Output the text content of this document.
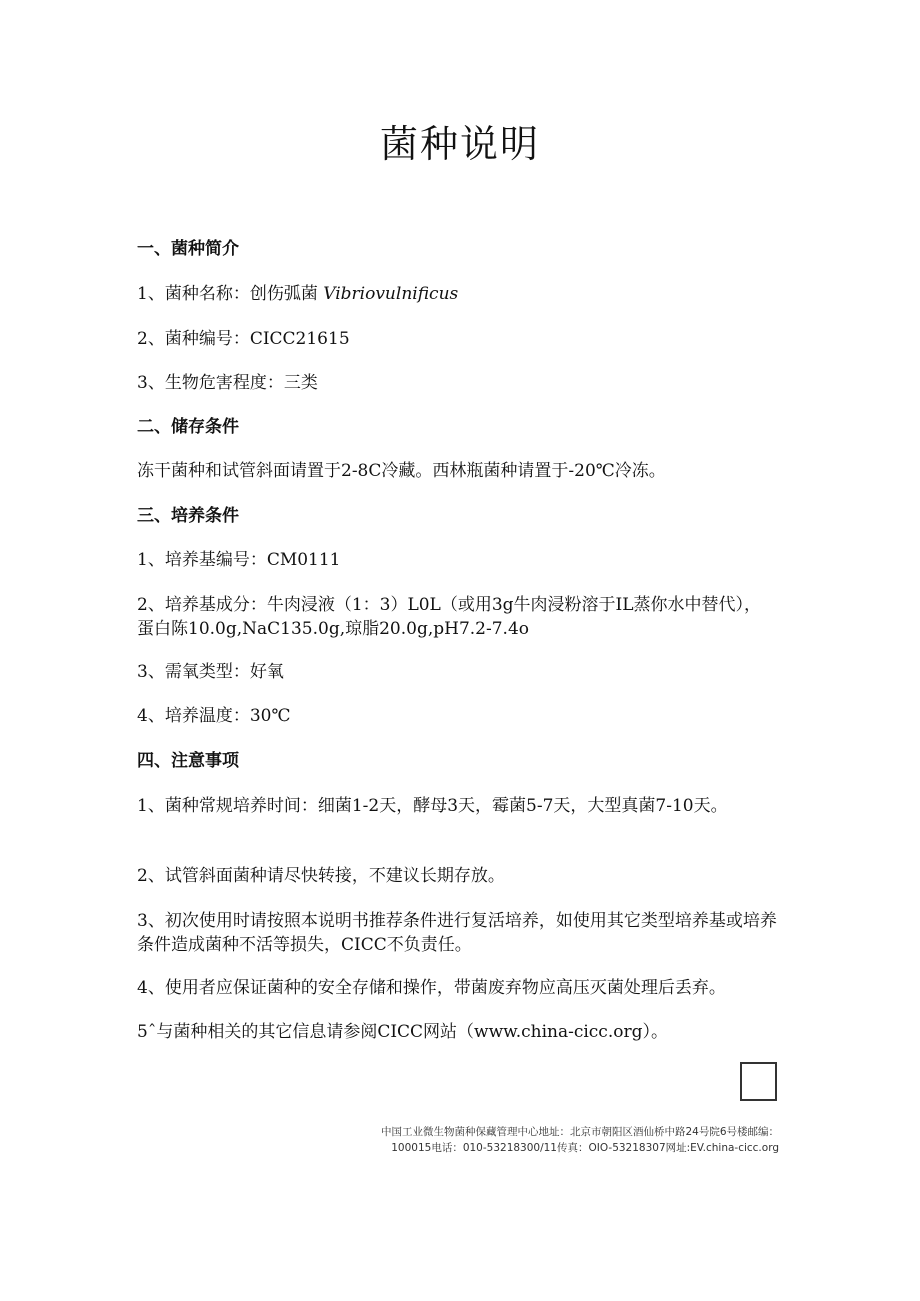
菌种说明
一、菌种简介
1、菌种名称：创伤弧菌 Vibriovulnificus
2、菌种编号：CICC21615
3、生物危害程度：三类
二、储存条件
冻干菌种和试管斜面请置于2-8C冷藏。西林瓶菌种请置于-20℃冷冻。
三、培养条件
1、培养基编号：CM0111
2、培养基成分：牛肉浸液（1：3）L0L（或用3g牛肉浸粉溶于IL蒸你水中替代），蛋白陈10.0g,NaC135.0g,琼脂20.0g,pH7.2-7.4o
3、需氧类型：好氧
4、培养温度：30℃
四、注意事项
1、菌种常规培养时间：细菌1-2天，酵母3天，霉菌5-7天，大型真菌7-10天。
2、试管斜面菌种请尽快转接，不建议长期存放。
3、初次使用时请按照本说明书推荐条件进行复活培养，如使用其它类型培养基或培养条件造成菌种不活等损失，CICC不负责任。
4、使用者应保证菌种的安全存储和操作，带菌废弃物应高压灭菌处理后丢弃。
5ˆ与菌种相关的其它信息请参阅CICC网站（www.china-cicc.org）。
中国工业微生物菌种保藏管理中心地址：北京市朝阳区酒仙桥中路24号院6号楼邮编：
100015电话：010-53218300/11传真：OIO-53218307网址:EV.china-cicc.org
